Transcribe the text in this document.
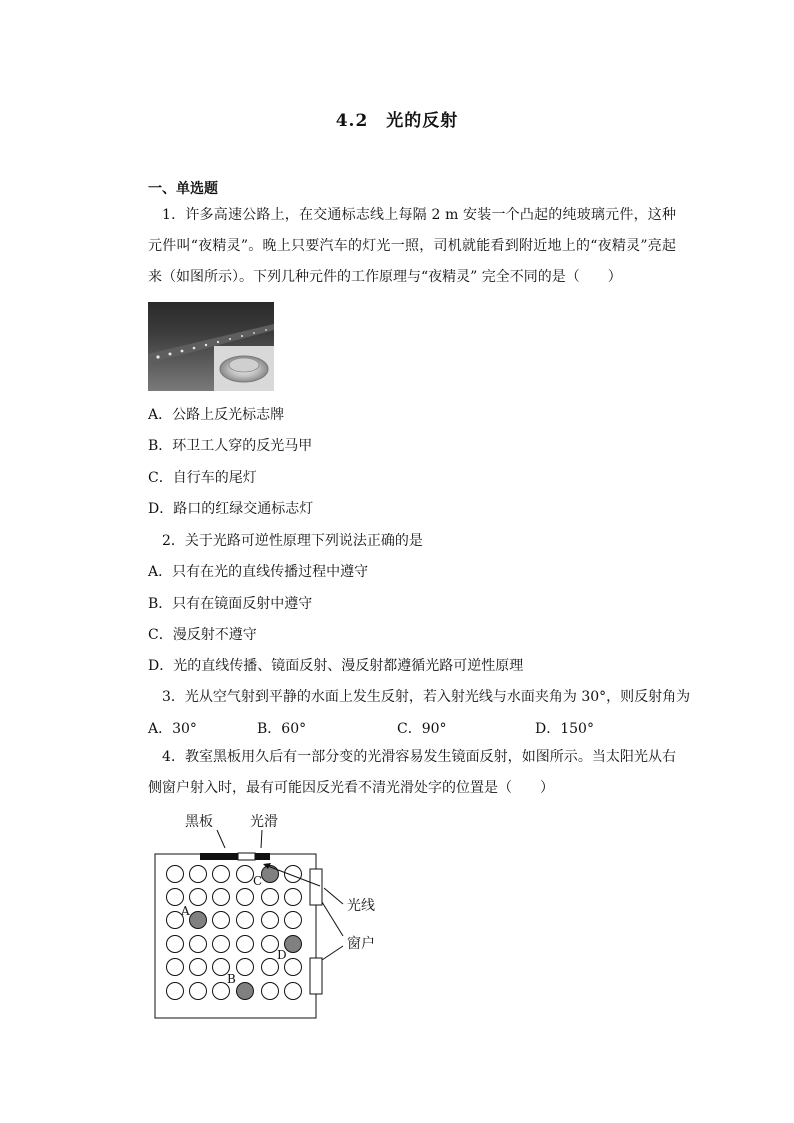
4.2　光的反射
一、单选题
1．许多高速公路上，在交通标志线上每隔 2 m 安装一个凸起的纯玻璃元件，这种元件叫“夜精灵”。晚上只要汽车的灯光一照，司机就能看到附近地上的“夜精灵”亮起来（如图所示）。下列几种元件的工作原理与“夜精灵” 完全不同的是（　　）
A．公路上反光标志牌
B．环卫工人穿的反光马甲
C．自行车的尾灯
D．路口的红绿交通标志灯
2．关于光路可逆性原理下列说法正确的是
A．只有在光的直线传播过程中遵守
B．只有在镜面反射中遵守
C．漫反射不遵守
D．光的直线传播、镜面反射、漫反射都遵循光路可逆性原理
3．光从空气射到平静的水面上发生反射，若入射光线与水面夹角为 30°，则反射角为
A．30°	B．60°	C．90°	D．150°
4．教室黑板用久后有一部分变的光滑容易发生镜面反射，如图所示。当太阳光从右侧窗户射入时，最有可能因反光看不清光滑处字的位置是（　　）
黑板	光滑
C
A
D
B
光线
窗户
